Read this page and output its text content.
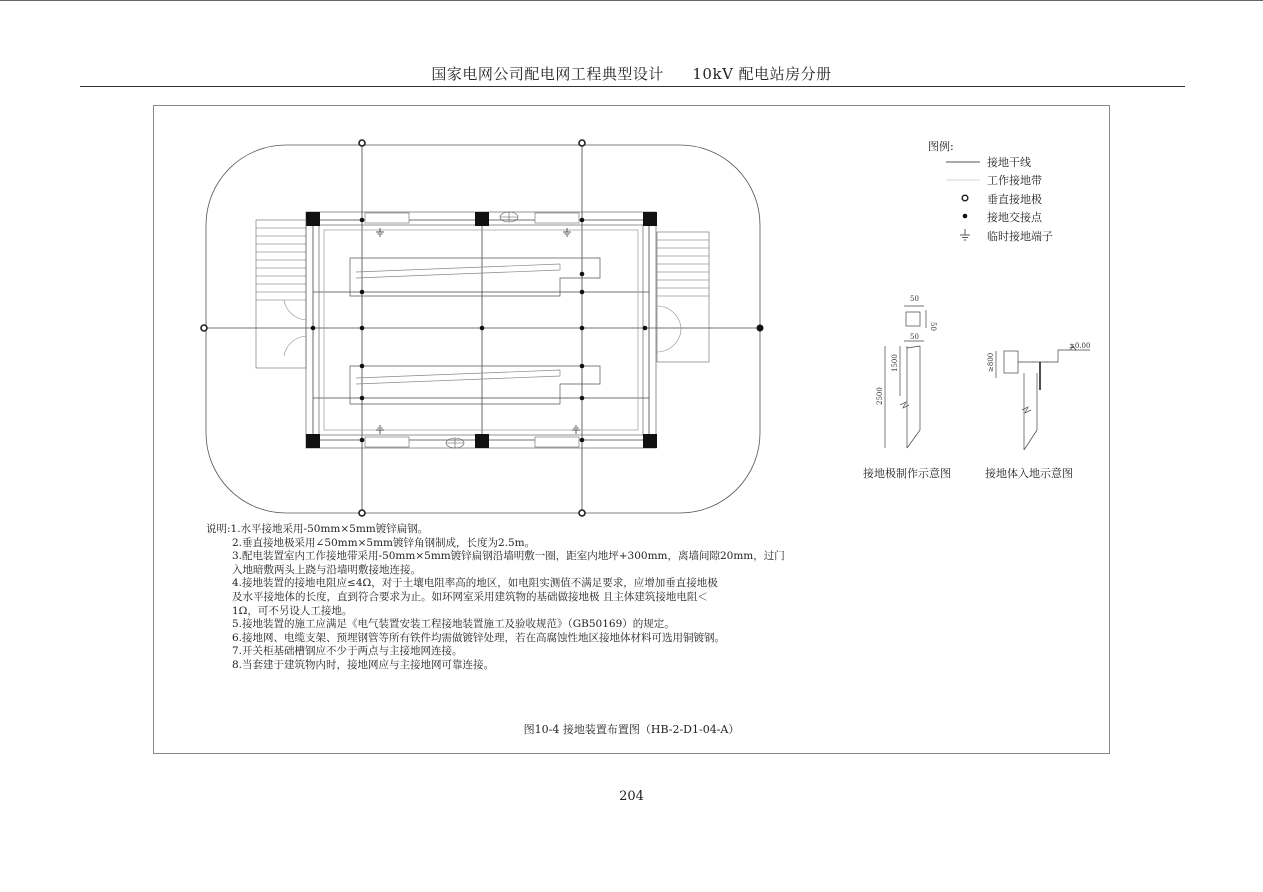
国家电网公司配电网工程典型设计 10kV 配电站房分册
50
50
50
1500
2500
≥800
±0.00
图例:
接地干线
工作接地带
垂直接地极
接地交接点
临时接地端子
接地极制作示意图	接地体入地示意图
说明:1.水平接地采用-50mm×5mm镀锌扁钢。
2.垂直接地极采用∠50mm×5mm镀锌角钢制成，长度为2.5m。
3.配电装置室内工作接地带采用-50mm×5mm镀锌扁钢沿墙明敷一圈，距室内地坪+300mm，离墙间隙20mm，过门
入地暗敷两头上跷与沿墙明敷接地连接。
4.接地装置的接地电阻应≤4Ω，对于土壤电阻率高的地区，如电阻实测值不满足要求，应增加垂直接地极
及水平接地体的长度，直到符合要求为止。如环网室采用建筑物的基础做接地极 且主体建筑接地电阻＜
1Ω，可不另设人工接地。
5.接地装置的施工应满足《电气装置安装工程接地装置施工及验收规范》（GB50169）的规定。
6.接地网、电缆支架、预埋钢管等所有铁件均需做镀锌处理，若在高腐蚀性地区接地体材料可选用铜镀钢。
7.开关柜基础槽钢应不少于两点与主接地网连接。
8.当套建于建筑物内时，接地网应与主接地网可靠连接。
图10-4 接地装置布置图（HB-2-D1-04-A）
204
